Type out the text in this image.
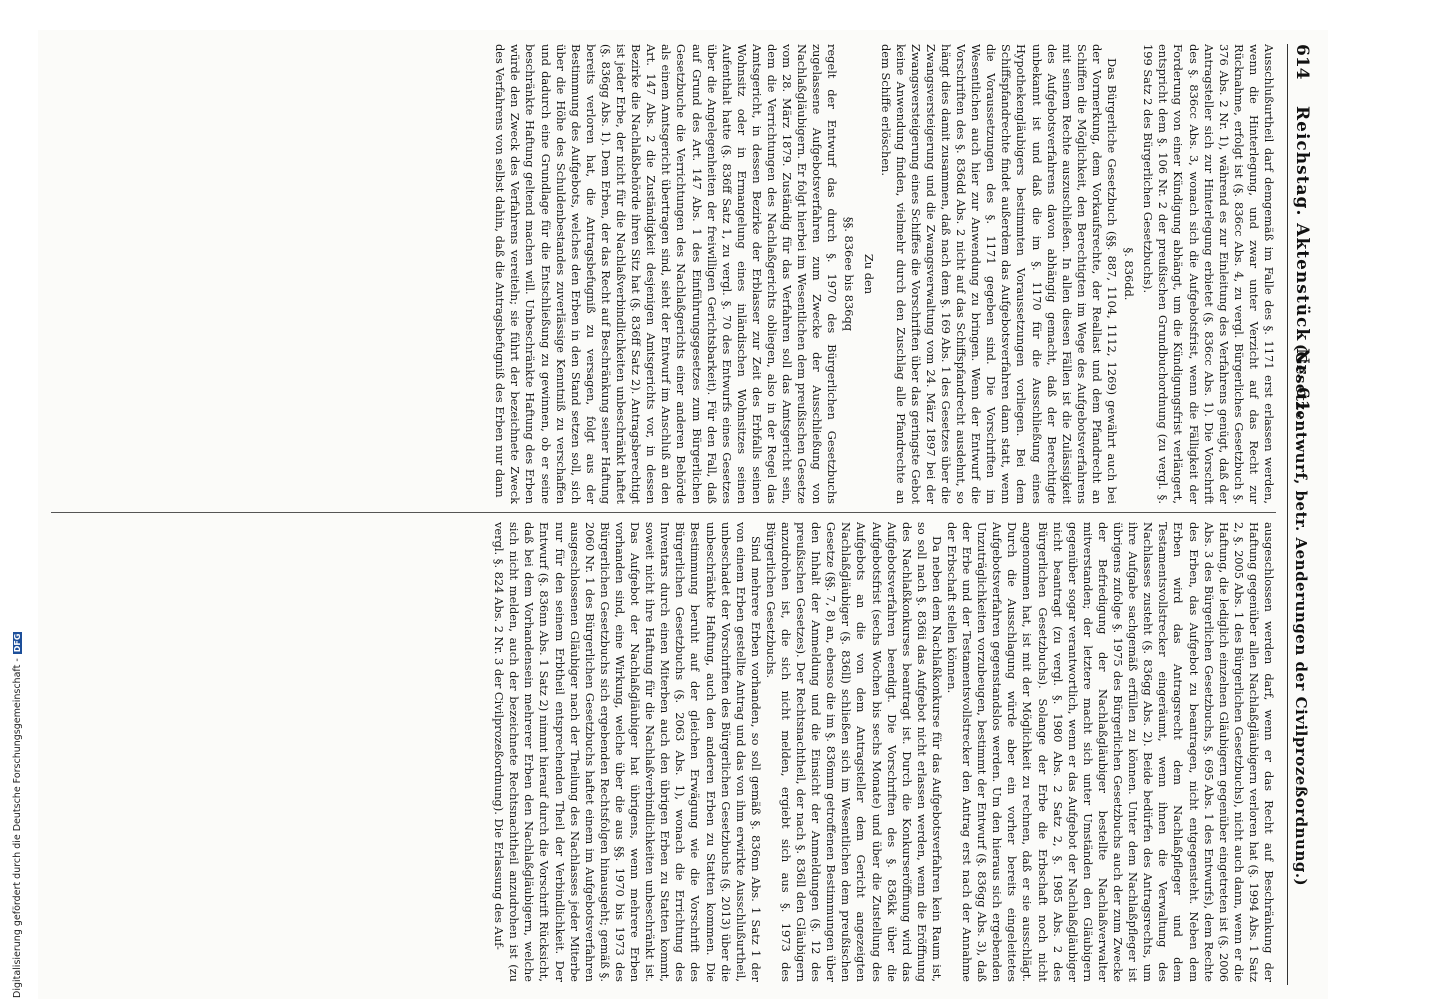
614
Reichstag. Aktenstück Nr. 61.
(Gesetzentwurf, betr. Aenderungen der Civilprozeßordnung.)

Ausschlußurtheil darf demgemäß im Falle des §. 1171 erst erlassen werden, wenn die Hinterlegung, und zwar unter Verzicht auf das Recht zur Rücknahme, erfolgt ist (§. 836cc Abs. 4, zu vergl. Bürgerliches Gesetzbuch §. 376 Abs. 2 Nr. 1), während es zur Einleitung des Verfahrens genügt, daß der Antragsteller sich zur Hinterlegung erbietet (§. 836cc Abs. 1). Die Vorschrift des §. 836cc Abs. 3, wonach sich die Aufgebotsfrist, wenn die Fälligkeit der Forderung von einer Kündigung abhängt, um die Kündigungsfrist verlängert, entspricht dem §. 106 Nr. 2 der preußischen Grundbuchordnung (zu vergl. §. 199 Satz 2 des Bürgerlichen Gesetzbuchs).

§. 836dd.

Das Bürgerliche Gesetzbuch (§§. 887, 1104, 1112, 1269) gewährt auch bei der Vormerkung, dem Vorkaufsrechte, der Reallast und dem Pfandrecht an Schiffen die Möglichkeit, den Berechtigten im Wege des Aufgebotsverfahrens mit seinem Rechte auszuschließen. In allen diesen Fällen ist die Zulässigkeit des Aufgebotsverfahrens davon abhängig gemacht, daß der Berechtigte unbekannt ist und daß die im §. 1170 für die Ausschließung eines Hypothekengläubigers bestimmten Voraussetzungen vorliegen. Bei dem Schiffspfandrechte findet außerdem das Aufgebotsverfahren dann statt, wenn die Voraussetzungen des §. 1171 gegeben sind. Die Vorschriften im Wesentlichen auch hier zur Anwendung zu bringen. Wenn der Entwurf die Vorschriften des §. 836dd Abs. 2 nicht auf das Schiffspfandrecht ausdehnt, so hängt dies damit zusammen, daß nach dem §. 169 Abs. 1 des Gesetzes über die Zwangsversteigerung und die Zwangsverwaltung vom 24. März 1897 bei der Zwangsversteigerung eines Schiffes die Vorschriften über das geringste Gebot keine Anwendung finden, vielmehr durch den Zuschlag alle Pfandrechte an dem Schiffe erlöschen.

Zu den

§§. 836ee bis 836qq

regelt der Entwurf das durch §. 1970 des Bürgerlichen Gesetzbuchs zugelassene Aufgebotsverfahren zum Zwecke der Ausschließung von Nachlaßgläubigern. Er folgt hierbei im Wesentlichen dem preußischen Gesetze vom 28. März 1879. Zuständig für das Verfahren soll das Amtsgericht sein, dem die Verrichtungen des Nachlaßgerichts obliegen, also in der Regel das Amtsgericht, in dessen Bezirke der Erblasser zur Zeit des Erbfalls seinen Wohnsitz oder in Ermangelung eines inländischen Wohnsitzes seinen Aufenthalt hatte (§. 836ff Satz 1, zu vergl. §. 70 des Entwurfs eines Gesetzes über die Angelegenheiten der freiwilligen Gerichtsbarkeit). Für den Fall, daß auf Grund des Art. 147 Abs. 1 des Einführungsgesetzes zum Bürgerlichen Gesetzbuche die Verrichtungen des Nachlaßgerichts einer anderen Behörde als einem Amtsgericht übertragen sind, sieht der Entwurf im Anschluß an den Art. 147 Abs. 2 die Zuständigkeit desjenigen Amtsgerichts vor, in dessen Bezirke die Nachlaßbehörde ihren Sitz hat (§. 836ff Satz 2). Antragsberechtigt ist jeder Erbe, der nicht für die Nachlaßverbindlichkeiten unbeschränkt haftet (§. 836gg Abs. 1). Dem Erben, der das Recht auf Beschränkung seiner Haftung bereits verloren hat, die Antragsbefugniß zu versagen, folgt aus der Bestimmung des Aufgebots, welches den Erben in den Stand setzen soll, sich über die Höhe des Schuldenbestandes zuverlässige Kenntniß zu verschaffen und dadurch eine Grundlage für die Entschließung zu gewinnen, ob er seine beschränkte Haftung geltend machen will. Unbeschränkte Haftung des Erben würde den Zweck des Verfahrens vereiteln; sie führt der bezeichnete Zweck des Verfahrens von selbst dahin, daß die Antragsbefugniß des Erben nur dann

ausgeschlossen werden darf, wenn er das Recht auf Beschränkung der Haftung gegenüber allen Nachlaßgläubigern verloren hat (§. 1994 Abs. 1 Satz 2, §. 2005 Abs. 1 des Bürgerlichen Gesetzbuchs), nicht auch dann, wenn er die Haftung, die lediglich einzelnen Gläubigern gegenüber eingetreten ist (§. 2006 Abs. 3 des Bürgerlichen Gesetzbuchs, §. 695 Abs. 1 des Entwurfs), dem Rechte des Erben, das Aufgebot zu beantragen, nicht entgegensteht. Neben dem Erben wird das Antragsrecht dem Nachlaßpfleger und dem Testamentsvollstrecker eingeräumt, wenn ihnen die Verwaltung des Nachlasses zusteht (§. 836gg Abs. 2). Beide bedürfen des Antragsrechts, um ihre Aufgabe sachgemäß erfüllen zu können. Unter dem Nachlaßpfleger ist übrigens zufolge §. 1975 des Bürgerlichen Gesetzbuchs auch der zum Zwecke der Befriedigung der Nachlaßgläubiger bestellte Nachlaßverwalter mitverstanden; der letztere macht sich unter Umständen den Gläubigern gegenüber sogar verantwortlich, wenn er das Aufgebot der Nachlaßgläubiger nicht beantragt (zu vergl. §. 1980 Abs. 2 Satz 2, §. 1985 Abs. 2 des Bürgerlichen Gesetzbuchs). Solange der Erbe die Erbschaft noch nicht angenommen hat, ist mit der Möglichkeit zu rechnen, daß er sie ausschlägt. Durch die Ausschlagung würde aber ein vorher bereits eingeleitetes Aufgebotsverfahren gegenstandslos werden. Um den hieraus sich ergebenden Unzuträglichkeiten vorzubeugen, bestimmt der Entwurf (§. 836gg Abs. 3), daß der Erbe und der Testamentsvollstrecker den Antrag erst nach der Annahme der Erbschaft stellen können.

Da neben dem Nachlaßkonkurse für das Aufgebotsverfahren kein Raum ist, so soll nach §. 836ii das Aufgebot nicht erlassen werden, wenn die Eröffnung des Nachlaßkonkurses beantragt ist. Durch die Konkurseröffnung wird das Aufgebotsverfahren beendigt. Die Vorschriften des §. 836kk über die Aufgebotsfrist (sechs Wochen bis sechs Monate) und über die Zustellung des Aufgebots an die von dem Antragsteller dem Gericht angezeigten Nachlaßgläubiger (§. 836ll) schließen sich im Wesentlichen dem preußischen Gesetze (§§. 7, 8) an, ebenso die im §. 836mm getroffenen Bestimmungen über den Inhalt der Anmeldung und die Einsicht der Anmeldungen (§. 12 des preußischen Gesetzes). Der Rechtsnachtheil, der nach §. 836ll den Gläubigern anzudrohen ist, die sich nicht melden, ergiebt sich aus §. 1973 des Bürgerlichen Gesetzbuchs.

Sind mehrere Erben vorhanden, so soll gemäß §. 836nn Abs. 1 Satz 1 der von einem Erben gestellte Antrag und das von ihm erwirkte Ausschlußurtheil, unbeschadet der Vorschriften des Bürgerlichen Gesetzbuchs (§. 2013) über die unbeschränkte Haftung, auch den anderen Erben zu Statten kommen. Die Bestimmung beruht auf der gleichen Erwägung wie die Vorschrift des Bürgerlichen Gesetzbuchs (§. 2063 Abs. 1), wonach die Errichtung des Inventars durch einen Miterben auch den übrigen Erben zu Statten kommt, soweit nicht ihre Haftung für die Nachlaßverbindlichkeiten unbeschränkt ist. Das Aufgebot der Nachlaßgläubiger hat übrigens, wenn mehrere Erben vorhanden sind, eine Wirkung, welche über die aus §§. 1970 bis 1973 des Bürgerlichen Gesetzbuchs sich ergebenden Rechtsfolgen hinausgeht; gemäß §. 2060 Nr. 1 des Bürgerlichen Gesetzbuchs haftet einem im Aufgebotsverfahren ausgeschlossenen Gläubiger nach der Theilung des Nachlasses jeder Miterbe nur für den seinem Erbtheil entsprechenden Theil der Verbindlichkeit. Der Entwurf (§. 836nn Abs. 1 Satz 2) nimmt hierauf durch die Vorschrift Rücksicht, daß bei dem Vorhandensein mehrerer Erben den Nachlaßgläubigern, welche sich nicht melden, auch der bezeichnete Rechtsnachtheil anzudrohen ist (zu vergl. §. 824 Abs. 2 Nr. 3 der Civilprozeßordnung). Die Erlassung des Auf-

Digitalisierung gefördert durch die Deutsche Forschungsgemeinschaft -DFG
